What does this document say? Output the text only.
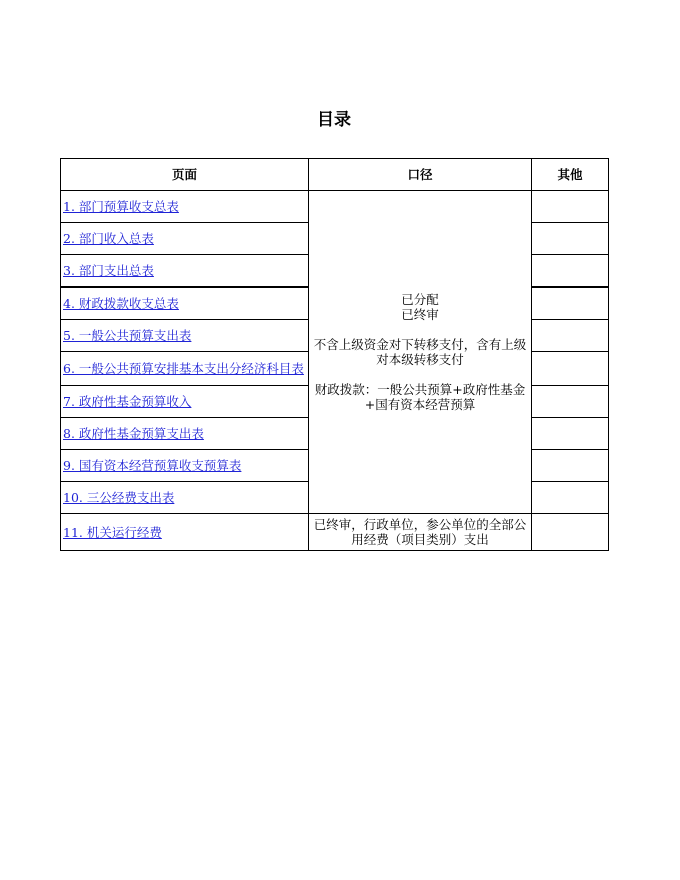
目录
页面	口径	其他
1. 部门预算收支总表	已分配

已终审

不含上级资金对下转移支付，含有上级对本级转移支付

财政拨款：一般公共预算+政府性基金+国有资本经营预算	

2. 部门收入总表		
3. 部门支出总表		
4. 财政拨款收支总表		
5. 一般公共预算支出表		
6. 一般公共预算安排基本支出分经济科目表		
7. 政府性基金预算收入		
8. 政府性基金预算支出表		
9. 国有资本经营预算收支预算表		
10. 三公经费支出表		
11. 机关运行经费	已终审，行政单位，参公单位的全部公用经费（项目类别）支出	
